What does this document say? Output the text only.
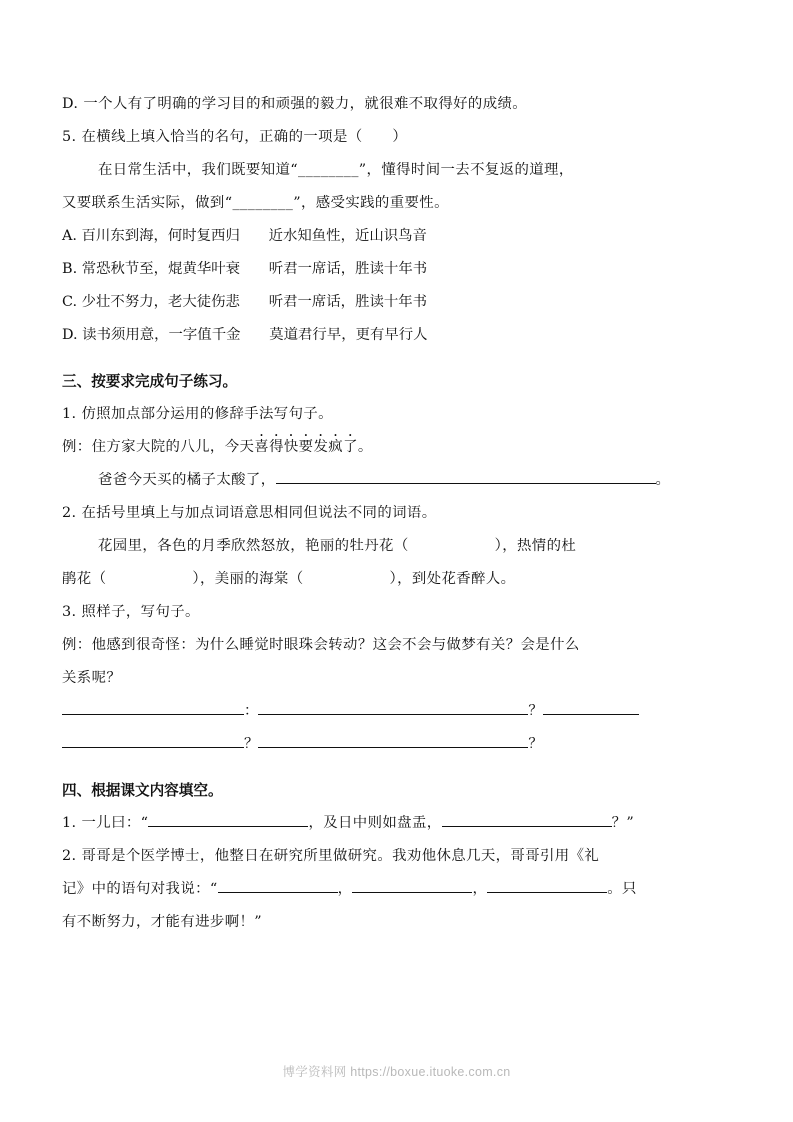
D. 一个人有了明确的学习目的和顽强的毅力，就很难不取得好的成绩。
5. 在横线上填入恰当的名句，正确的一项是（      ）
在日常生活中，我们既要知道“________”，懂得时间一去不复返的道理，
又要联系生活实际，做到“________”，感受实践的重要性。
A. 百川东到海，何时复西归　　近水知鱼性，近山识鸟音
B. 常恐秋节至，焜黄华叶衰　　听君一席话，胜读十年书
C. 少壮不努力，老大徒伤悲　　听君一席话，胜读十年书
D. 读书须用意，一字值千金　　莫道君行早，更有早行人
三、按要求完成句子练习。
1. 仿照加点部分运用的修辞手法写句子。
例：住方家大院的八儿，今天喜得快要发疯了。
爸爸今天买的橘子太酸了，	。
2. 在括号里填上与加点词语意思相同但说法不同的词语。
花园里，各色的月季欣然怒放，艳丽的牡丹花（	），热情的杜
鹃花（	），美丽的海棠（	），到处花香醉人。
3. 照样子，写句子。
例：他感到很奇怪：为什么睡觉时眼珠会转动？这会不会与做梦有关？会是什么
关系呢？
：	？
？	？
四、根据课文内容填空。
1. 一儿曰：“	，及日中则如盘盂，	？”
2. 哥哥是个医学博士，他整日在研究所里做研究。我劝他休息几天，哥哥引用《礼
记》中的语句对我说：“	，	，	。只
有不断努力，才能有进步啊！”
博学资料网 https://boxue.ituoke.com.cn
